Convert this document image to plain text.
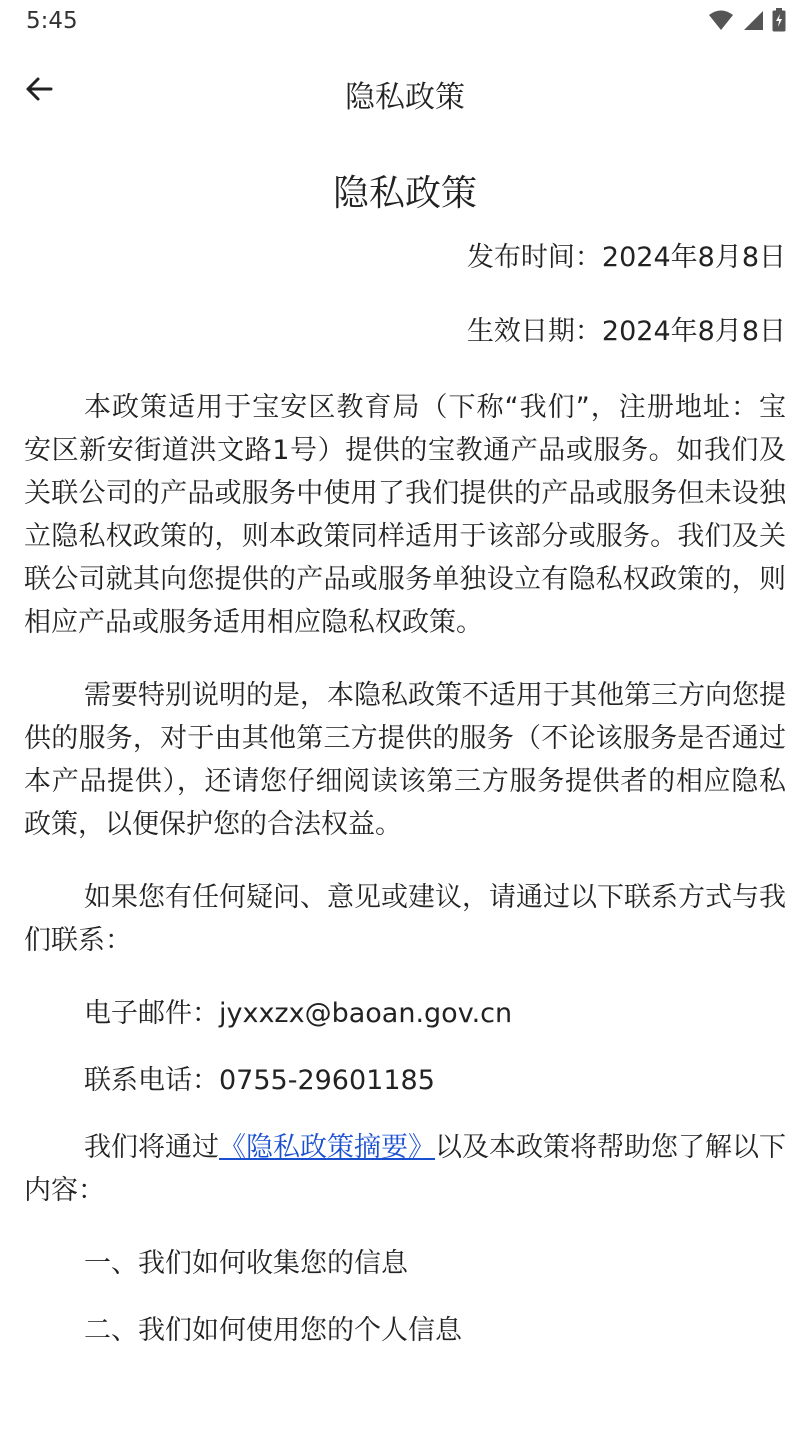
5:45
隐私政策
隐私政策
发布时间：2024年8月8日
生效日期：2024年8月8日

本政策适用于宝安区教育局（下称“我们”，注册地址：宝安区新安街道洪文路1号）提供的宝教通产品或服务。如我们及关联公司的产品或服务中使用了我们提供的产品或服务但未设独立隐私权政策的，则本政策同样适用于该部分或服务。我们及关联公司就其向您提供的产品或服务单独设立有隐私权政策的，则相应产品或服务适用相应隐私权政策。

需要特别说明的是，本隐私政策不适用于其他第三方向您提供的服务，对于由其他第三方提供的服务（不论该服务是否通过本产品提供），还请您仔细阅读该第三方服务提供者的相应隐私政策，以便保护您的合法权益。

如果您有任何疑问、意见或建议，请通过以下联系方式与我们联系：

电子邮件：jyxxzx@baoan.gov.cn

联系电话：0755-29601185

我们将通过《隐私政策摘要》以及本政策将帮助您了解以下内容：

一、我们如何收集您的信息

二、我们如何使用您的个人信息
